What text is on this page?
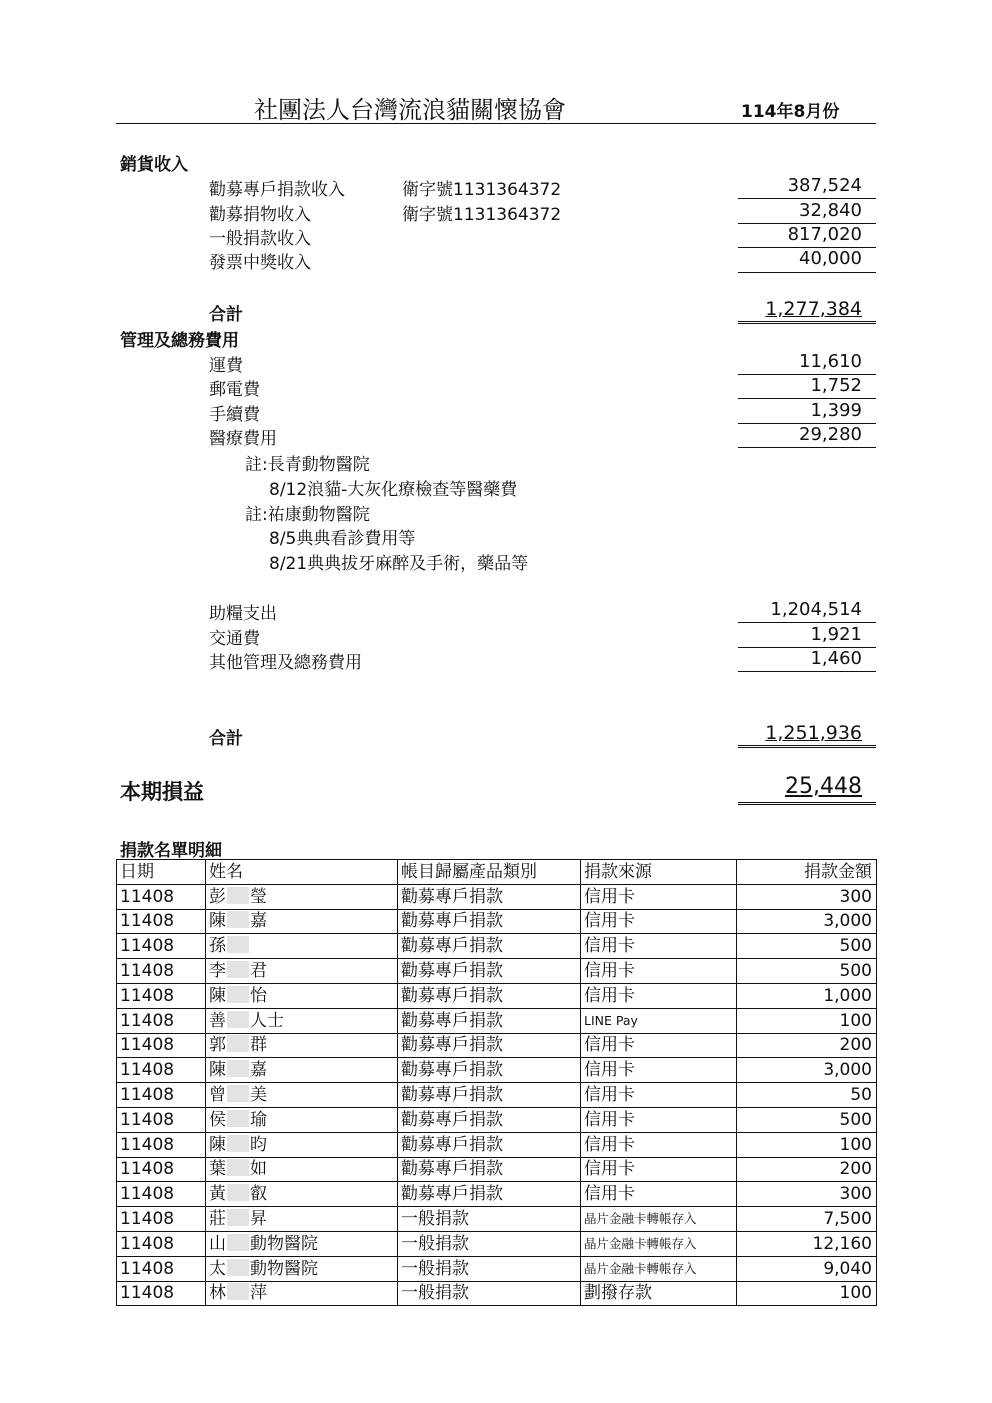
社團法人台灣流浪貓關懷協會	114年8月份
銷貨收入
勸募專戶捐款收入	衛字號1131364372	387,524
勸募捐物收入	衛字號1131364372	32,840
一般捐款收入	817,020
發票中獎收入	40,000
合計	1,277,384
管理及總務費用
運費	11,610
郵電費	1,752
手續費	1,399
醫療費用	29,280
註:長青動物醫院
8/12浪貓-大灰化療檢查等醫藥費
註:祐康動物醫院
8/5典典看診費用等
8/21典典拔牙麻醉及手術，藥品等
助糧支出	1,204,514
交通費	1,921
其他管理及總務費用	1,460
合計	1,251,936
本期損益	25,448
捐款名單明細
日期	姓名	帳目歸屬產品類別	捐款來源	捐款金額
11408	彭 瑩	勸募專戶捐款	信用卡	300
11408	陳 嘉	勸募專戶捐款	信用卡	3,000
11408	孫	勸募專戶捐款	信用卡	500
11408	李 君	勸募專戶捐款	信用卡	500
11408	陳 怡	勸募專戶捐款	信用卡	1,000
11408	善 人士	勸募專戶捐款	LINE Pay	100
11408	郭 群	勸募專戶捐款	信用卡	200
11408	陳 嘉	勸募專戶捐款	信用卡	3,000
11408	曾 美	勸募專戶捐款	信用卡	50
11408	侯 瑜	勸募專戶捐款	信用卡	500
11408	陳 昀	勸募專戶捐款	信用卡	100
11408	葉 如	勸募專戶捐款	信用卡	200
11408	黃 叡	勸募專戶捐款	信用卡	300
11408	莊 昇	一般捐款	晶片金融卡轉帳存入	7,500
11408	山 動物醫院	一般捐款	晶片金融卡轉帳存入	12,160
11408	太 動物醫院	一般捐款	晶片金融卡轉帳存入	9,040
11408	林 萍	一般捐款	劃撥存款	100
